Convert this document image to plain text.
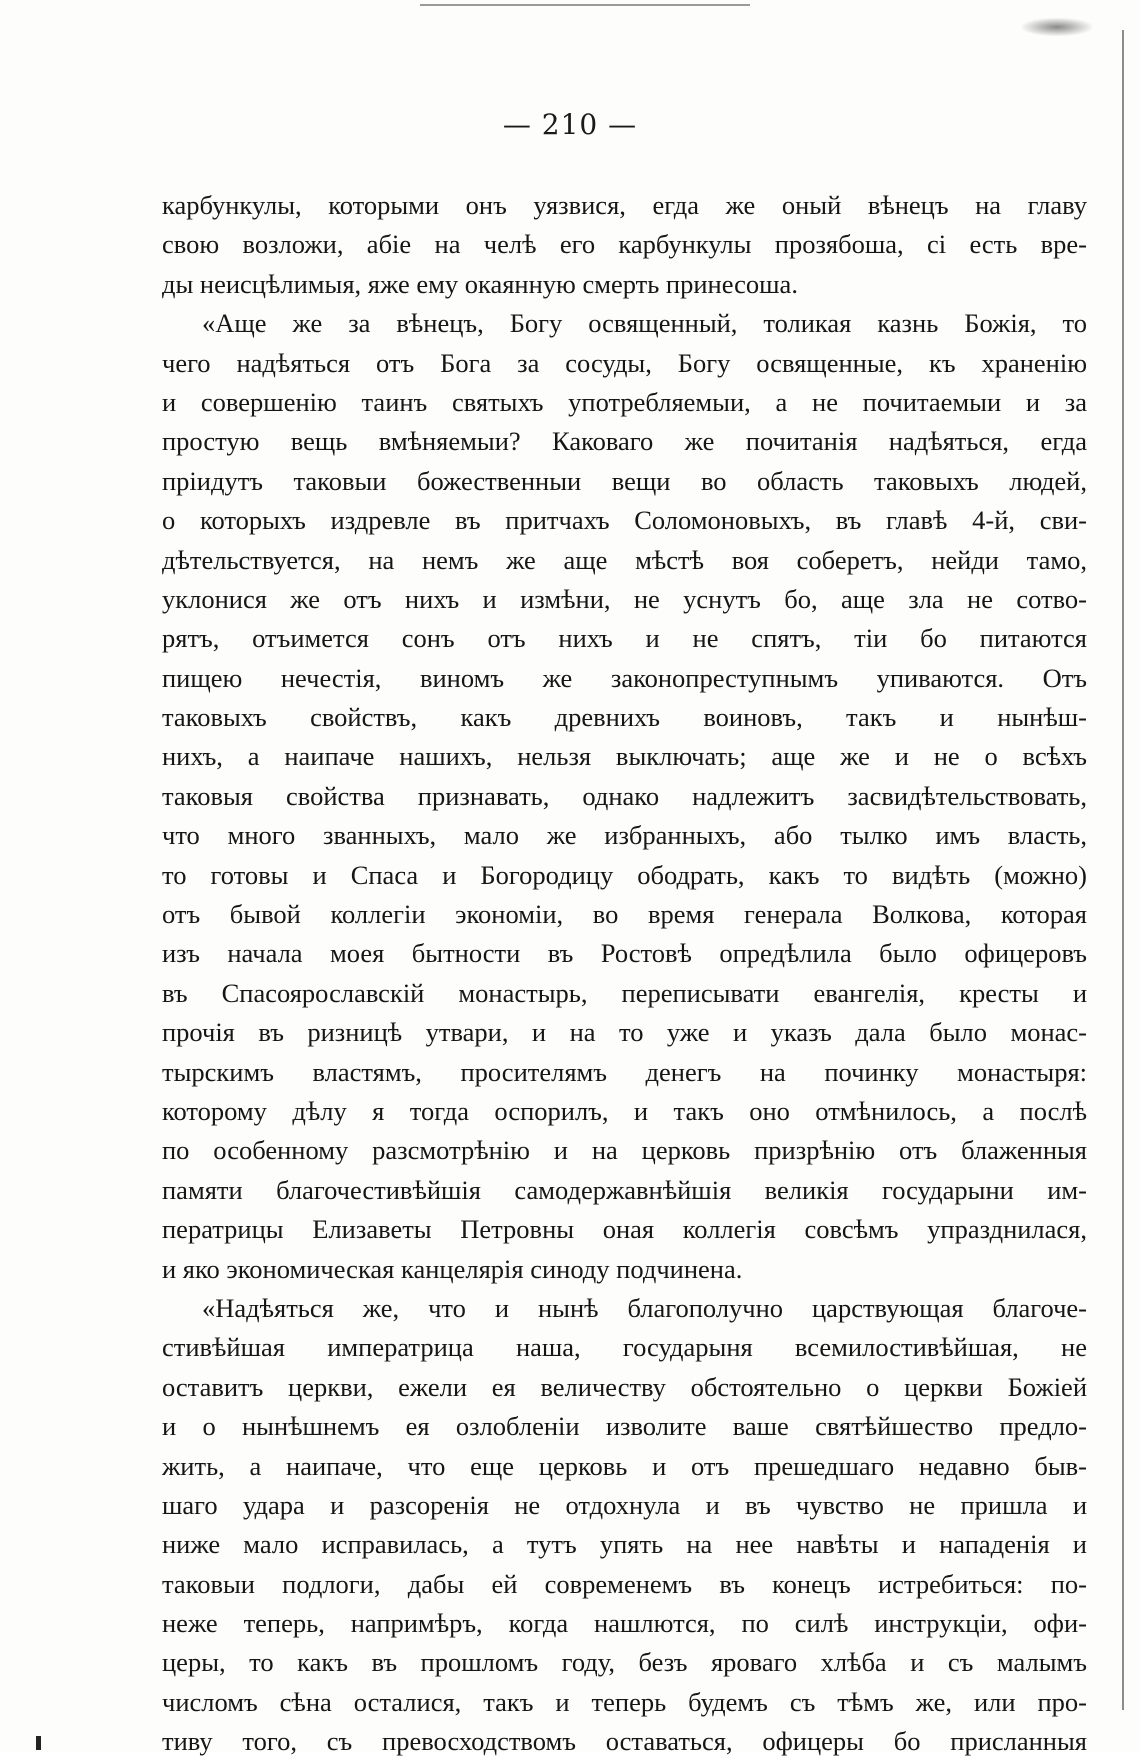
— 210 —
карбункулы, которыми онъ уязвися, егда же оный вѣнецъ на главу
свою возложи, абіе на челѣ его карбункулы прозябоша, сі есть вре-
ды неисцѣлимыя, яже ему окаянную смерть принесоша.
«Аще же за вѣнецъ, Богу освященный, толикая казнь Божія, то
чего надѣяться отъ Бога за сосуды, Богу освященные, къ храненію
и совершенію таинъ святыхъ употребляемыи, а не почитаемыи и за
простую вещь вмѣняемыи? Каковаго же почитанія надѣяться, егда
пріидутъ таковыи божественныи вещи во область таковыхъ людей,
о которыхъ издревле въ притчахъ Соломоновыхъ, въ главѣ 4-й, сви-
дѣтельствуется, на немъ же аще мѣстѣ воя соберетъ, нейди тамо,
уклонися же отъ нихъ и измѣни, не уснутъ бо, аще зла не сотво-
рятъ, отъимется сонъ отъ нихъ и не спятъ, тіи бо питаются
пищею нечестія, виномъ же законопреступнымъ упиваются. Отъ
таковыхъ свойствъ, какъ древнихъ воиновъ, такъ и нынѣш-
нихъ, а наипаче нашихъ, нельзя выключать; аще же и не о всѣхъ
таковыя свойства признавать, однако надлежитъ засвидѣтельствовать,
что много званныхъ, мало же избранныхъ, або тылко имъ власть,
то готовы и Спаса и Богородицу ободрать, какъ то видѣть (можно)
отъ бывой коллегіи экономіи, во время генерала Волкова, которая
изъ начала моея бытности въ Ростовѣ опредѣлила было офицеровъ
въ Спасоярославскій монастырь, переписывати евангелія, кресты и
прочія въ ризницѣ утвари, и на то уже и указъ дала было монас-
тырскимъ властямъ, просителямъ денегъ на починку монастыря:
которому дѣлу я тогда оспорилъ, и такъ оно отмѣнилось, а послѣ
по особенному разсмотрѣнію и на церковь призрѣнію отъ блаженныя
памяти благочестивѣйшія самодержавнѣйшія великія государыни им-
ператрицы Елизаветы Петровны оная коллегія совсѣмъ упразднилася,
и яко экономическая канцелярія синоду подчинена.
«Надѣяться же, что и нынѣ благополучно царствующая благоче-
стивѣйшая императрица наша, государыня всемилостивѣйшая, не
оставитъ церкви, ежели ея величеству обстоятельно о церкви Божіей
и о нынѣшнемъ ея озлобленіи изволите ваше святѣйшество предло-
жить, а наипаче, что еще церковь и отъ прешедшаго недавно быв-
шаго удара и разсоренія не отдохнула и въ чувство не пришла и
ниже мало исправилась, а тутъ упять на нее навѣты и нападенія и
таковыи подлоги, дабы ей современемъ въ конецъ истребиться: по-
неже теперь, напримѣръ, когда нашлются, по силѣ инструкціи, офи-
церы, то какъ въ прошломъ году, безъ яроваго хлѣба и съ малымъ
числомъ сѣна осталися, такъ и теперь будемъ съ тѣмъ же, или про-
тиву того, съ превосходствомъ оставаться, офицеры бо присланныя
